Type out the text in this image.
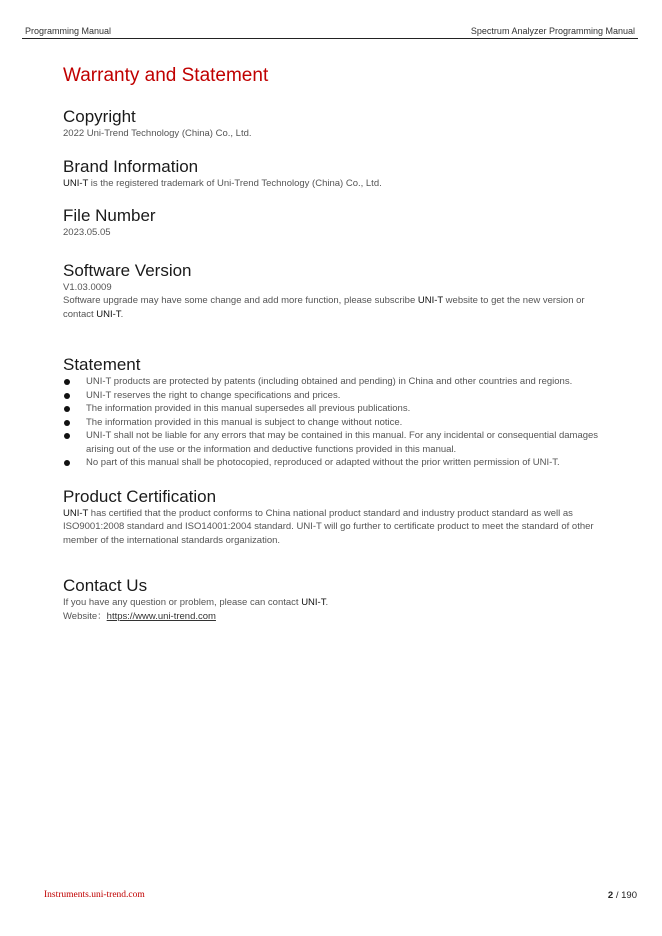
Programming Manual	Spectrum Analyzer Programming Manual
Warranty and Statement
Copyright

2022 Uni-Trend Technology (China) Co., Ltd.

Brand Information

UNI-T is the registered trademark of Uni-Trend Technology (China) Co., Ltd.

File Number

2023.05.05

Software Version

V1.03.0009

Software upgrade may have some change and add more function, please subscribe UNI-T website to get the new version or contact UNI-T.

Statement
UNI-T products are protected by patents (including obtained and pending) in China and other countries and regions.
UNI-T reserves the right to change specifications and prices.
The information provided in this manual supersedes all previous publications.
The information provided in this manual is subject to change without notice.
UNI-T shall not be liable for any errors that may be contained in this manual. For any incidental or consequential damages arising out of the use or the information and deductive functions provided in this manual.
No part of this manual shall be photocopied, reproduced or adapted without the prior written permission of UNI-T.
Product Certification

UNI-T has certified that the product conforms to China national product standard and industry product standard as well as ISO9001:2008 standard and ISO14001:2004 standard. UNI-T will go further to certificate product to meet the standard of other member of the international standards organization.

Contact Us

If you have any question or problem, please can contact UNI-T.

Website：https://www.uni-trend.com

Instruments.uni-trend.com	2 / 190
